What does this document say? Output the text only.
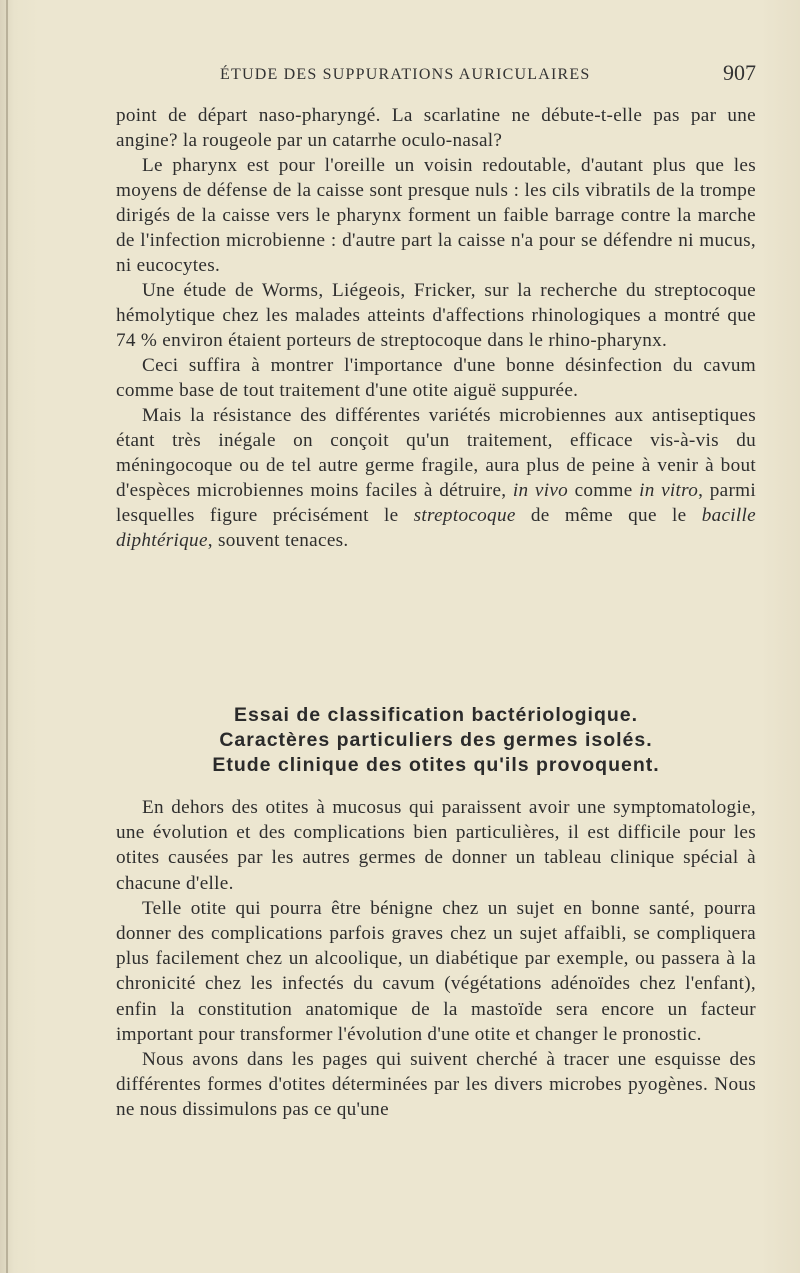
ÉTUDE DES SUPPURATIONS AURICULAIRES	907

point de départ naso-pharyngé. La scarlatine ne débute-t-elle pas par une angine? la rougeole par un catarrhe oculo-nasal?

Le pharynx est pour l'oreille un voisin redoutable, d'autant plus que les moyens de défense de la caisse sont presque nuls : les cils vibratils de la trompe dirigés de la caisse vers le pharynx forment un faible barrage contre la marche de l'infection microbienne : d'autre part la caisse n'a pour se défendre ni mucus, ni eucocytes.

Une étude de Worms, Liégeois, Fricker, sur la recherche du streptocoque hémolytique chez les malades atteints d'affections rhinologiques a montré que 74 % environ étaient porteurs de streptocoque dans le rhino-pharynx.

Ceci suffira à montrer l'importance d'une bonne désinfection du cavum comme base de tout traitement d'une otite aiguë suppurée.

Mais la résistance des différentes variétés microbiennes aux antiseptiques étant très inégale on conçoit qu'un traitement, efficace vis-à-vis du méningocoque ou de tel autre germe fragile, aura plus de peine à venir à bout d'espèces microbiennes moins faciles à détruire, in vivo comme in vitro, parmi lesquelles figure précisément le streptocoque de même que le bacille diphtérique, souvent tenaces.

Essai de classification bactériologique.
Caractères particuliers des germes isolés.
Etude clinique des otites qu'ils provoquent.

En dehors des otites à mucosus qui paraissent avoir une symptomatologie, une évolution et des complications bien particulières, il est difficile pour les otites causées par les autres germes de donner un tableau clinique spécial à chacune d'elle.

Telle otite qui pourra être bénigne chez un sujet en bonne santé, pourra donner des complications parfois graves chez un sujet affaibli, se compliquera plus facilement chez un alcoolique, un diabétique par exemple, ou passera à la chronicité chez les infectés du cavum (végétations adénoïdes chez l'enfant), enfin la constitution anatomique de la mastoïde sera encore un facteur important pour transformer l'évolution d'une otite et changer le pronostic.

Nous avons dans les pages qui suivent cherché à tracer une esquisse des différentes formes d'otites déterminées par les divers microbes pyogènes. Nous ne nous dissimulons pas ce qu'une
